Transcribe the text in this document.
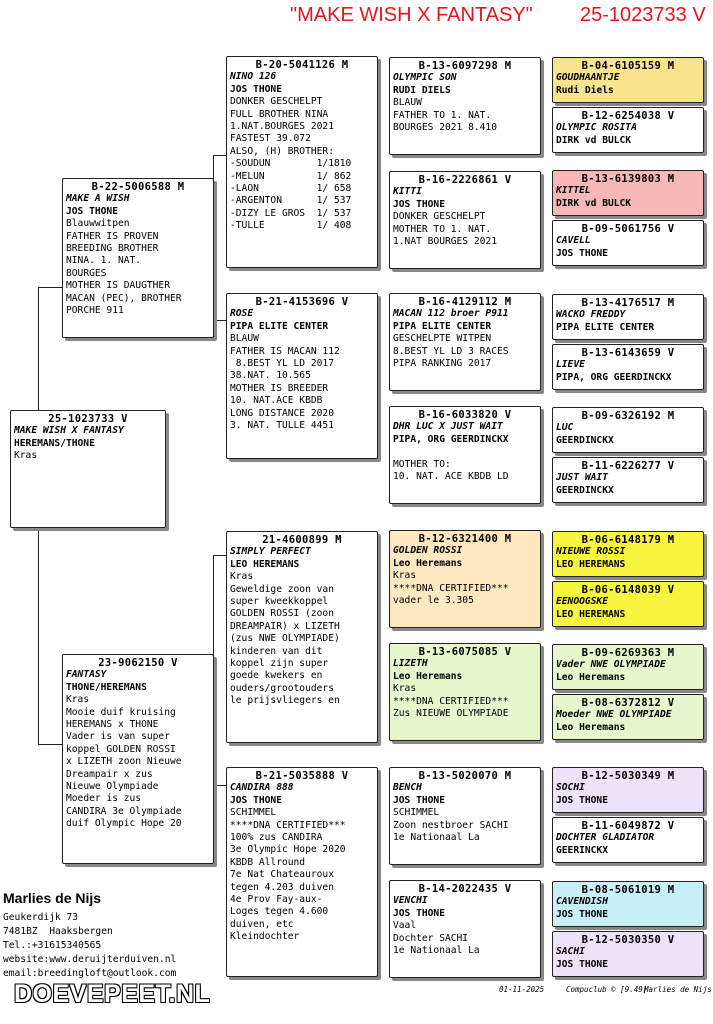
"MAKE WISH X FANTASY" 25-1023733 V
25-1023733 V
MAKE WISH X FANTASY
HEREMANS/THONE
Kras
B-22-5006588 M
MAKE A WISH
JOS THONE
Blauwwitpen
FATHER IS PROVEN
BREEDING BROTHER
NINA. 1. NAT.
BOURGES
MOTHER IS DAUGTHER
MACAN (PEC), BROTHER
PORCHE 911
23-9062150 V
FANTASY
THONE/HEREMANS
Kras
Mooie duif kruising
HEREMANS x THONE
Vader is van super
koppel GOLDEN ROSSI
x LIZETH zoon Nieuwe
Dreampair x zus
Nieuwe Olympiade
Moeder is zus
CANDIRA 3e Olympiade
duif Olympic Hope 20
B-20-5041126 M
NINO 126
JOS THONE
DONKER GESCHELPT
FULL BROTHER NINA
1.NAT.BOURGES 2021
FASTEST 39.072
ALSO, (H) BROTHER:
-SOUDUN        1/1810
-MELUN         1/ 862
-LAON          1/ 658
-ARGENTON      1/ 537
-DIZY LE GROS  1/ 537
-TULLE         1/ 408
B-21-4153696 V
ROSE
PIPA ELITE CENTER
BLAUW
FATHER IS MACAN 112
8.BEST YL LD 2017
38.NAT. 10.565
MOTHER IS BREEDER
10. NAT.ACE KBDB
LONG DISTANCE 2020
3. NAT. TULLE 4451
21-4600899 M
SIMPLY PERFECT
LEO HEREMANS
Kras
Geweldige zoon van
super kweekkoppel
GOLDEN ROSSI (zoon
DREAMPAIR) x LIZETH
(zus NWE OLYMPIADE)
kinderen van dit
koppel zijn super
goede kwekers en
ouders/grootouders
le prijsvliegers en
B-21-5035888 V
CANDIRA 888
JOS THONE
SCHIMMEL
****DNA CERTIFIED***
100% zus CANDIRA
3e Olympic Hope 2020
KBDB Allround
7e Nat Chateauroux
tegen 4.203 duiven
4e Prov Fay-aux-
Loges tegen 4.600
duiven, etc
Kleindochter
B-13-6097298 M
OLYMPIC SON
RUDI DIELS
BLAUW
FATHER TO 1. NAT.
BOURGES 2021 8.410
B-16-2226861 V
KITTI
JOS THONE
DONKER GESCHELPT
MOTHER TO 1. NAT.
1.NAT BOURGES 2021
B-16-4129112 M
MACAN 112 broer P911
PIPA ELITE CENTER
GESCHELPTE WITPEN
8.BEST YL LD 3 RACES
PIPA RANKING 2017
B-16-6033820 V
DHR LUC X JUST WAIT
PIPA, ORG GEERDINCKX
MOTHER TO:
10. NAT. ACE KBDB LD
B-12-6321400 M
GOLDEN ROSSI
Leo Heremans
Kras
****DNA CERTIFIED***
vader le 3.305
B-13-6075085 V
LIZETH
Leo Heremans
Kras
****DNA CERTIFIED***
Zus NIEUWE OLYMPIADE
B-13-5020070 M
BENCH
JOS THONE
SCHIMMEL
Zoon nestbroer SACHI
1e Nationaal La
B-14-2022435 V
VENCHI
JOS THONE
Vaal
Dochter SACHI
1e Nationaal La
B-04-6105159 M
GOUDHAANTJE
Rudi Diels
B-12-6254038 V
OLYMPIC ROSITA
DIRK vd BULCK
B-13-6139803 M
KITTEL
DIRK vd BULCK
B-09-5061756 V
CAVELL
JOS THONE
B-13-4176517 M
WACKO FREDDY
PIPA ELITE CENTER
B-13-6143659 V
LIEVE
PIPA, ORG GEERDINCKX
B-09-6326192 M
LUC
GEERDINCKX
B-11-6226277 V
JUST WAIT
GEERDINCKX
B-06-6148179 M
NIEUWE ROSSI
LEO HEREMANS
B-06-6148039 V
EENOOGSKE
LEO HEREMANS
B-09-6269363 M
Vader NWE OLYMPIADE
Leo Heremans
B-08-6372812 V
Moeder NWE OLYMPIADE
Leo Heremans
B-12-5030349 M
SOCHI
JOS THONE
B-11-6049872 V
DOCHTER GLADIATOR
GEERINCKX
B-08-5061019 M
CAVENDISH
JOS THONE
B-12-5030350 V
SACHI
JOS THONE
Marlies de Nijs
Geukerdijk 73
7481BZ  Haaksbergen
Tel.:+31615340565
website:www.deruijterduiven.nl
email:breedingloft@outlook.com
DOEVEPEET.NL	01-11-2025	Compuclub © [9.49]
Marlies de Nijs
